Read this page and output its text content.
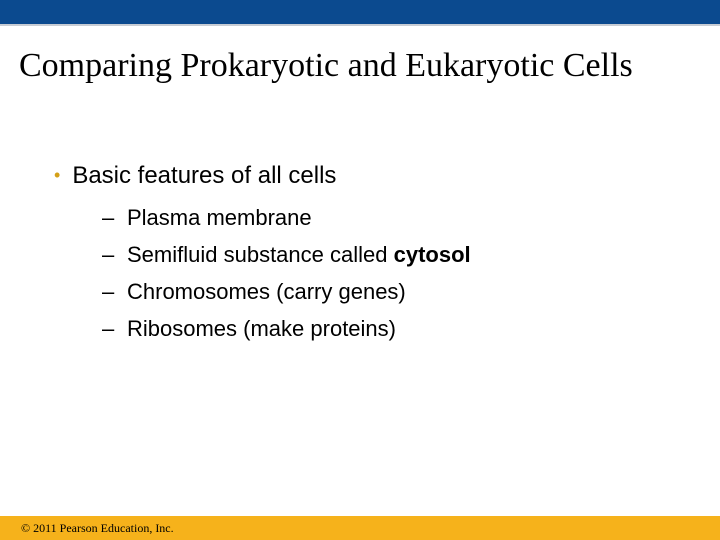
Comparing Prokaryotic and Eukaryotic Cells
• Basic features of all cells
– Plasma membrane
– Semifluid substance called cytosol
– Chromosomes (carry genes)
– Ribosomes (make proteins)
© 2011 Pearson Education, Inc.
